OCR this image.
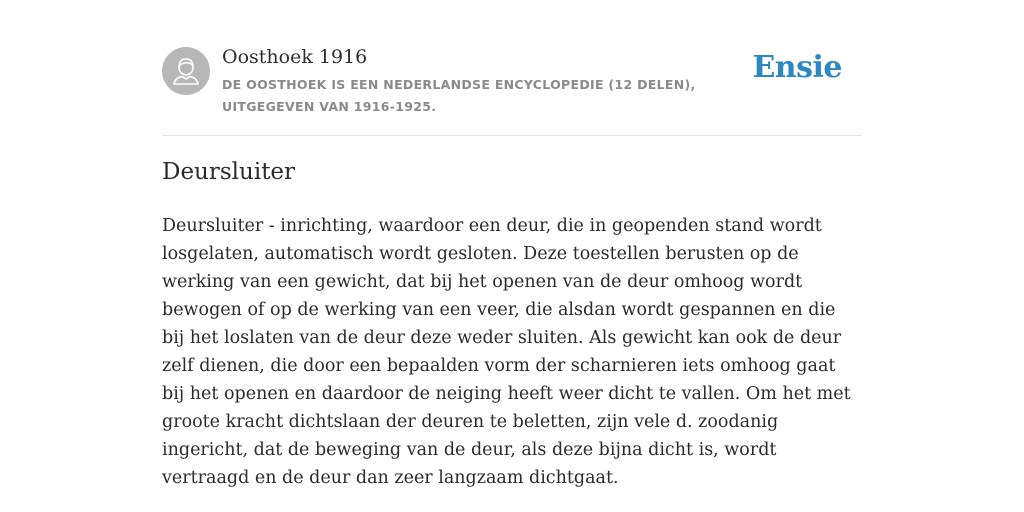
Oosthoek 1916
DE OOSTHOEK IS EEN NEDERLANDSE ENCYCLOPEDIE (12 DELEN), UITGEGEVEN VAN 1916-1925.
Ensie
Deursluiter

Deursluiter - inrichting, waardoor een deur, die in geopenden stand wordt losgelaten, automatisch wordt gesloten. Deze toestellen berusten op de werking van een gewicht, dat bij het openen van de deur omhoog wordt bewogen of op de werking van een veer, die alsdan wordt gespannen en die bij het loslaten van de deur deze weder sluiten. Als gewicht kan ook de deur zelf dienen, die door een bepaalden vorm der scharnieren iets omhoog gaat bij het openen en daardoor de neiging heeft weer dicht te vallen. Om het met groote kracht dichtslaan der deuren te beletten, zijn vele d. zoodanig ingericht, dat de beweging van de deur, als deze bijna dicht is, wordt vertraagd en de deur dan zeer langzaam dichtgaat.
